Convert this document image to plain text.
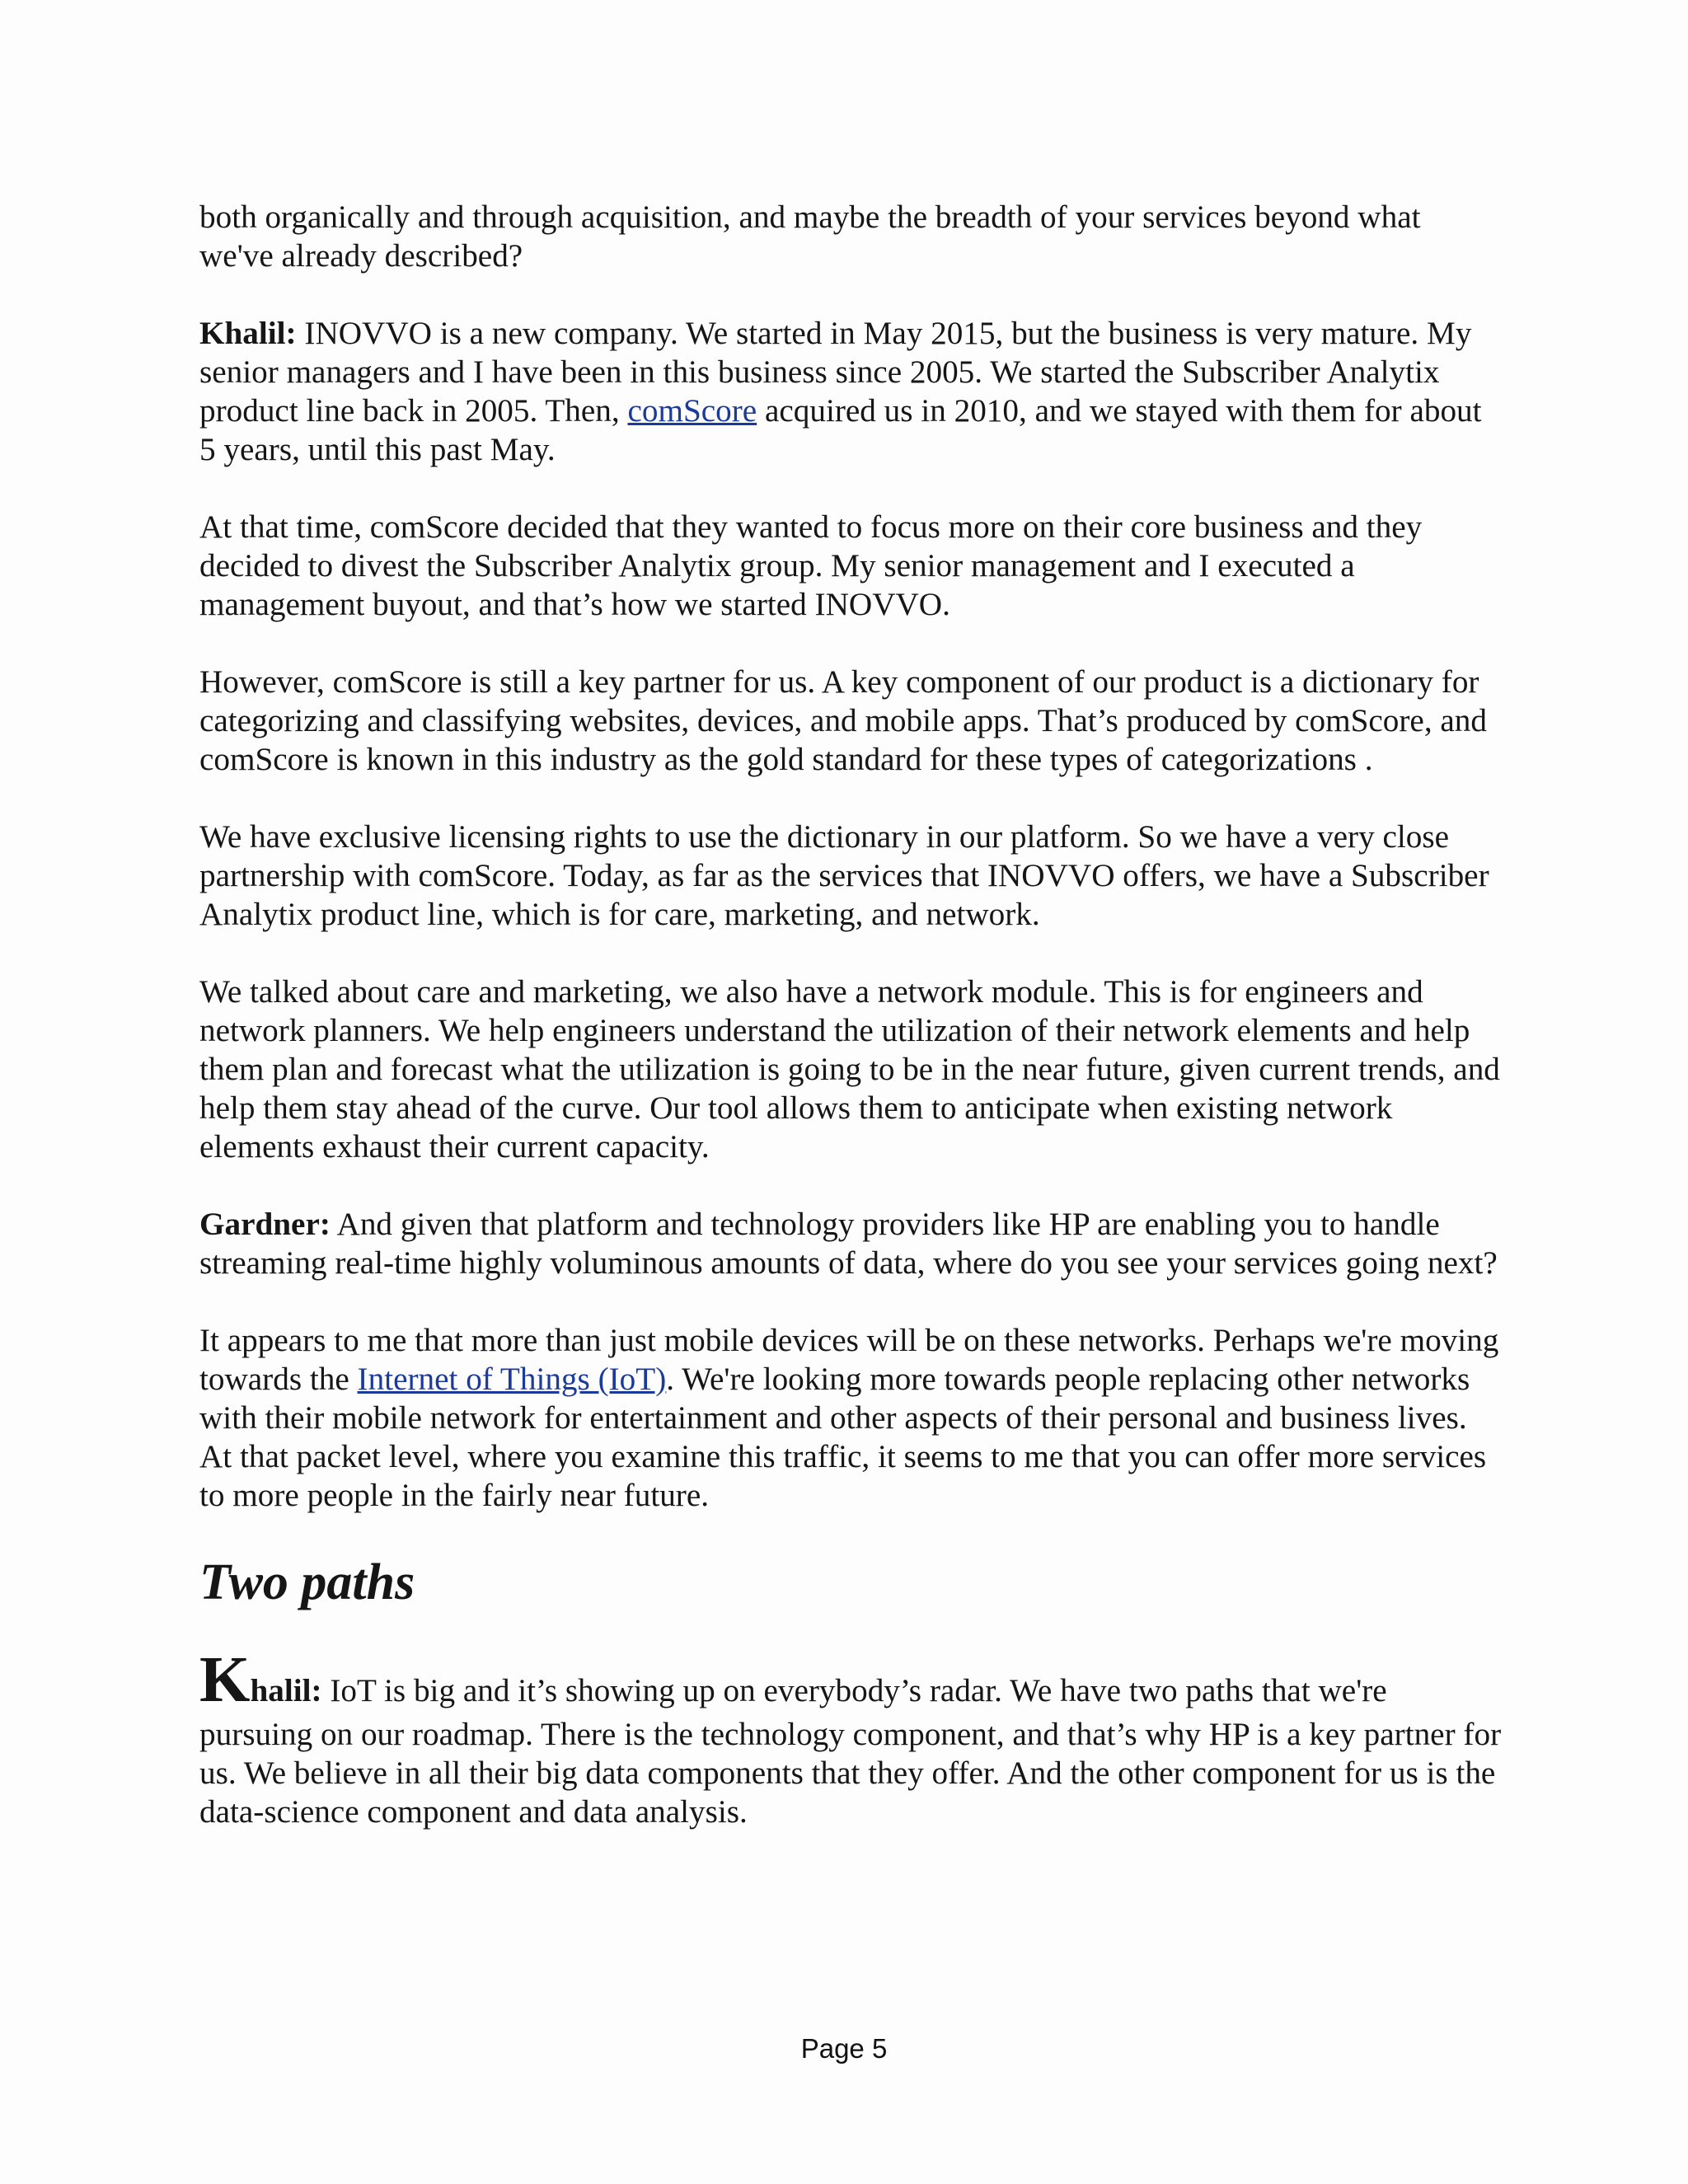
both organically and through acquisition, and maybe the breadth of your services beyond what we've already described?

Khalil: INOVVO is a new company. We started in May 2015, but the business is very mature. My senior managers and I have been in this business since 2005. We started the Subscriber Analytix product line back in 2005. Then, comScore acquired us in 2010, and we stayed with them for about 5 years, until this past May.

At that time, comScore decided that they wanted to focus more on their core business and they decided to divest the Subscriber Analytix group. My senior management and I executed a management buyout, and that’s how we started INOVVO.

However, comScore is still a key partner for us. A key component of our product is a dictionary for categorizing and classifying websites, devices, and mobile apps. That’s produced by comScore, and comScore is known in this industry as the gold standard for these types of categorizations .

We have exclusive licensing rights to use the dictionary in our platform. So we have a very close partnership with comScore. Today, as far as the services that INOVVO offers, we have a Subscriber Analytix product line, which is for care, marketing, and network.

We talked about care and marketing, we also have a network module. This is for engineers and network planners. We help engineers understand the utilization of their network elements and help them plan and forecast what the utilization is going to be in the near future, given current trends, and help them stay ahead of the curve. Our tool allows them to anticipate when existing network elements exhaust their current capacity.

Gardner: And given that platform and technology providers like HP are enabling you to handle streaming real-time highly voluminous amounts of data, where do you see your services going next?

It appears to me that more than just mobile devices will be on these networks. Perhaps we're moving towards the Internet of Things (IoT). We're looking more towards people replacing other networks with their mobile network for entertainment and other aspects of their personal and business lives. At that packet level, where you examine this traffic, it seems to me that you can offer more services to more people in the fairly near future.

Two paths

Khalil: IoT is big and it’s showing up on everybody’s radar. We have two paths that we're pursuing on our roadmap. There is the technology component, and that’s why HP is a key partner for us. We believe in all their big data components that they offer. And the other component for us is the data-science component and data analysis.

Page 5
